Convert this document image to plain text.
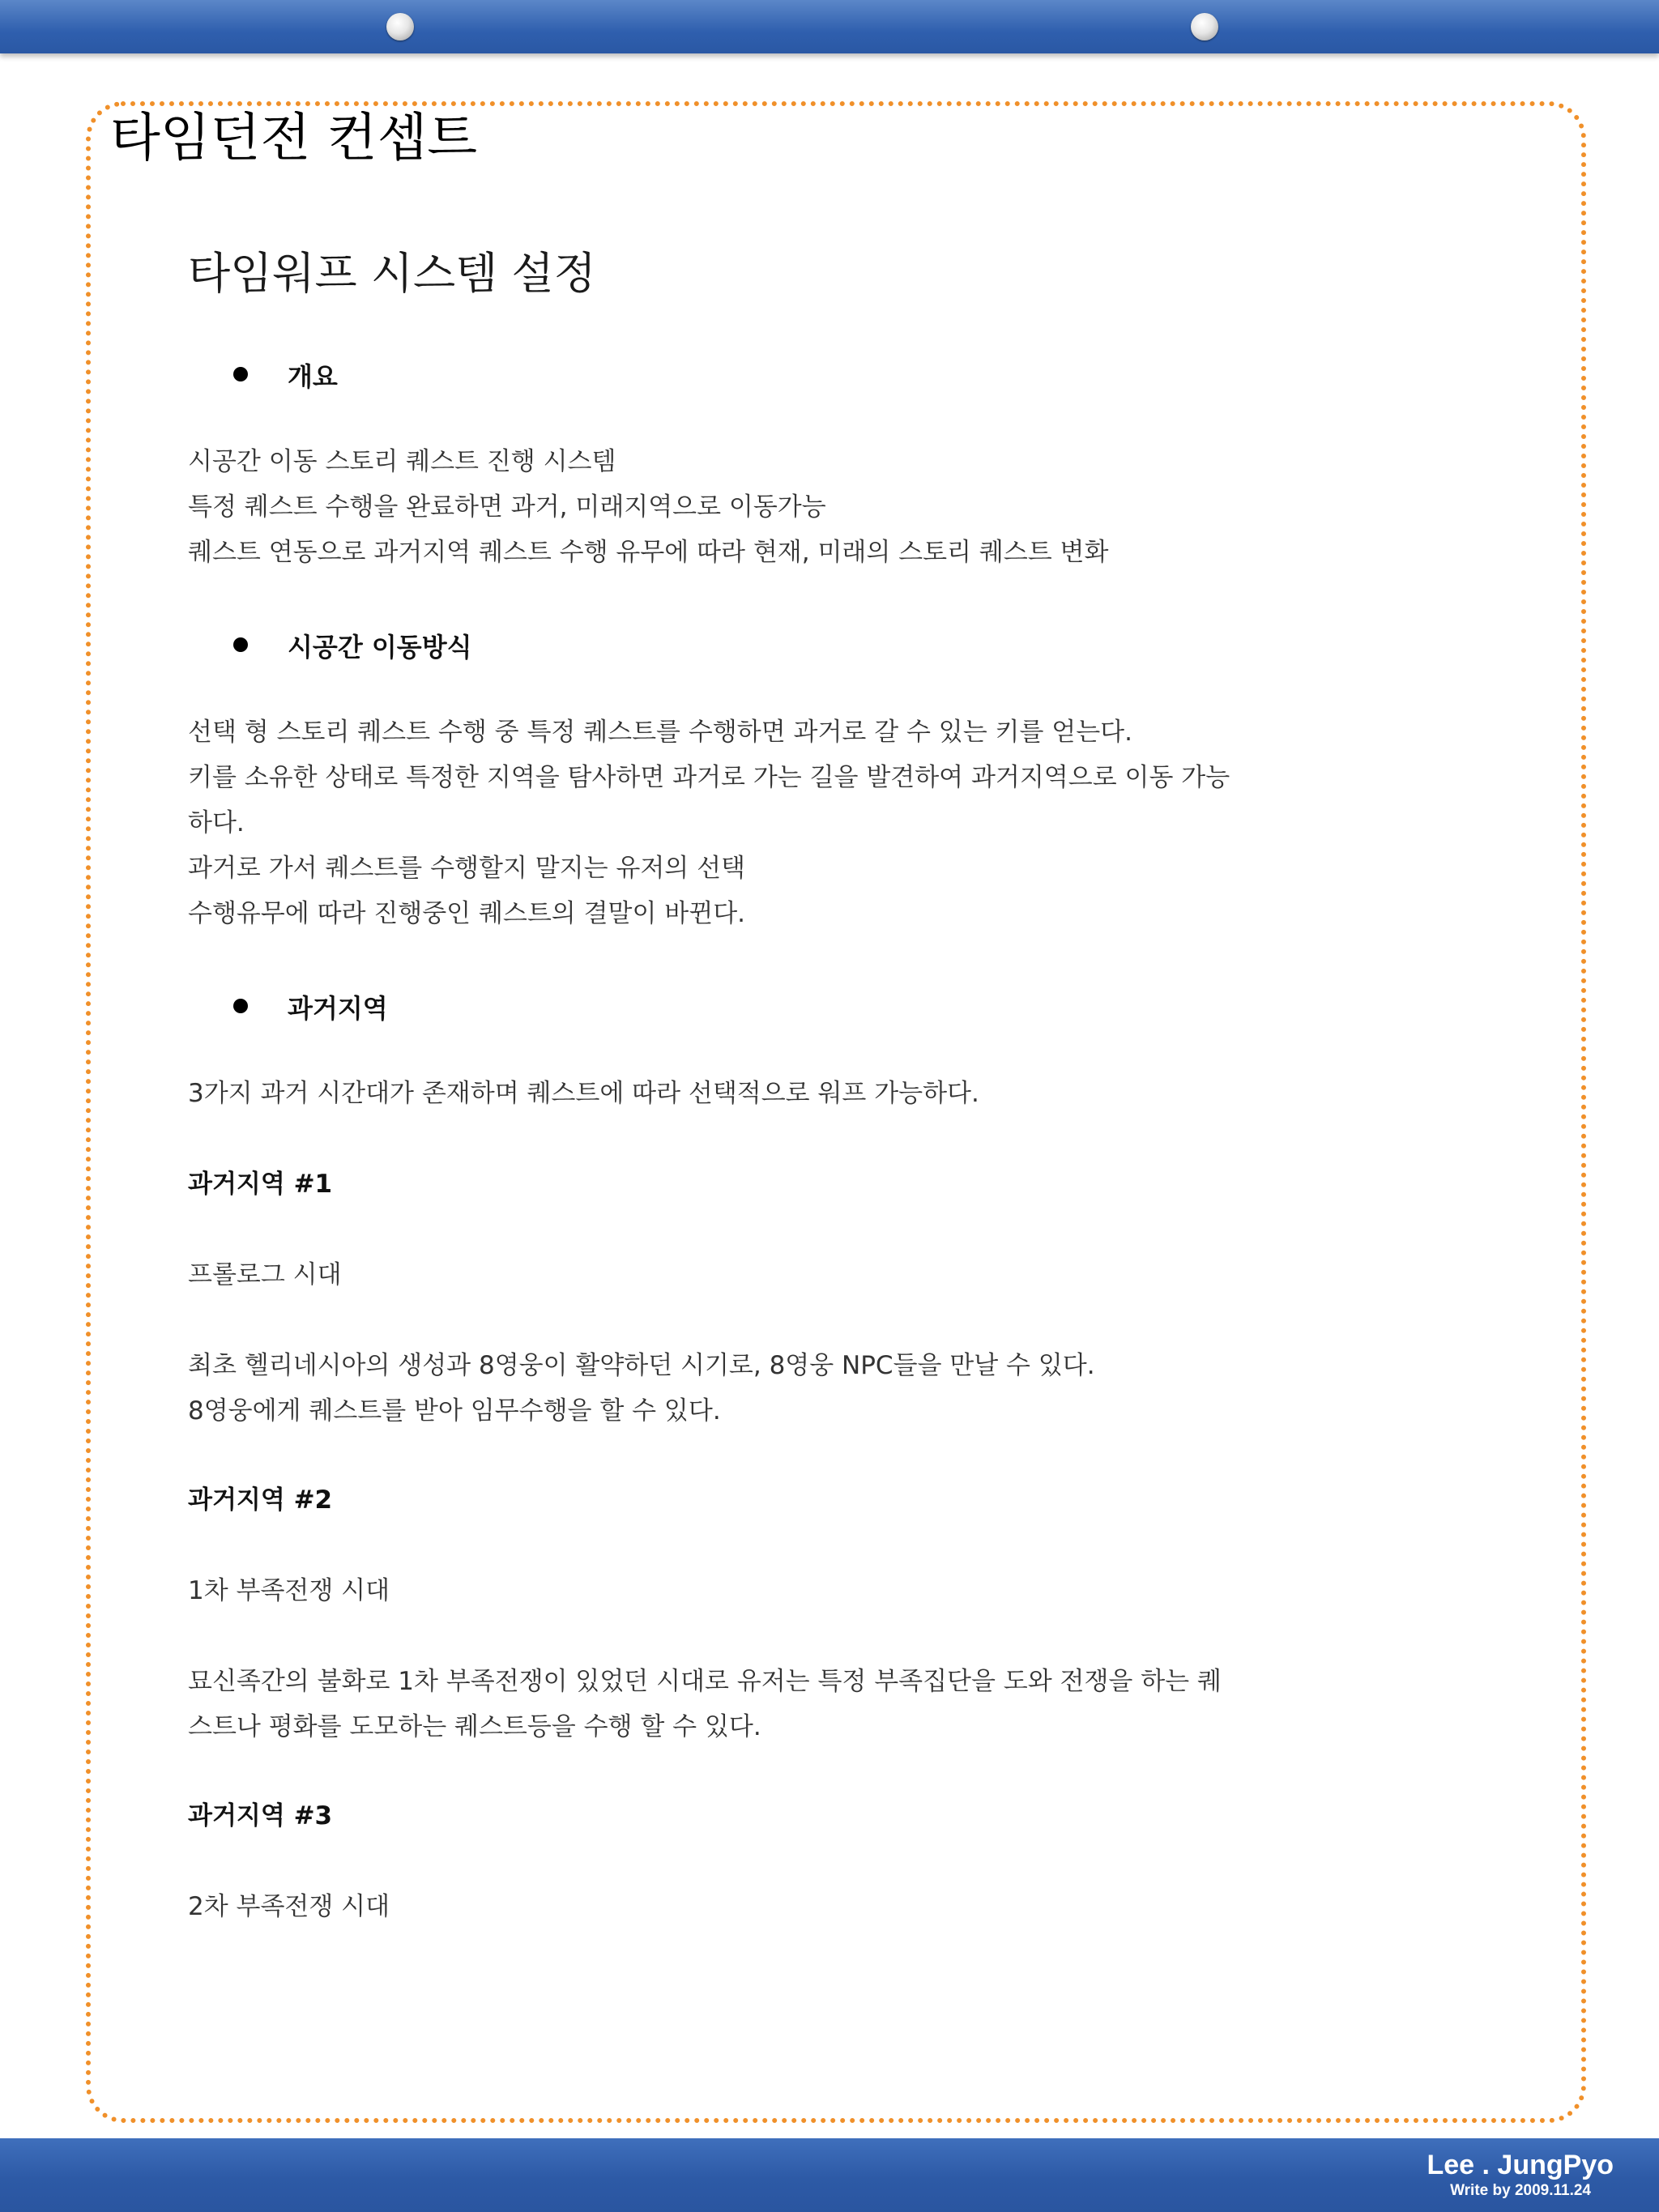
타임던전 컨셉트
타임워프 시스템 설정
개요
시공간 이동 스토리 퀘스트 진행 시스템
특정 퀘스트 수행을 완료하면 과거, 미래지역으로 이동가능
퀘스트 연동으로 과거지역 퀘스트 수행 유무에 따라 현재, 미래의 스토리 퀘스트 변화
시공간 이동방식
선택 형 스토리 퀘스트 수행 중 특정 퀘스트를 수행하면 과거로 갈 수 있는 키를 얻는다.
키를 소유한 상태로 특정한 지역을 탐사하면 과거로 가는 길을 발견하여 과거지역으로 이동 가능
하다.
과거로 가서 퀘스트를 수행할지 말지는 유저의 선택
수행유무에 따라 진행중인 퀘스트의 결말이 바뀐다.
과거지역
3가지 과거 시간대가 존재하며 퀘스트에 따라 선택적으로 워프 가능하다.
과거지역 #1
프롤로그 시대
최초 헬리네시아의 생성과 8영웅이 활약하던 시기로, 8영웅 NPC들을 만날 수 있다.
8영웅에게 퀘스트를 받아 임무수행을 할 수 있다.
과거지역 #2
1차 부족전쟁 시대
묘신족간의 불화로 1차 부족전쟁이 있었던 시대로 유저는 특정 부족집단을 도와 전쟁을 하는 퀘
스트나 평화를 도모하는 퀘스트등을 수행 할 수 있다.
과거지역 #3
2차 부족전쟁 시대
Lee . JungPyo
Write by 2009.11.24
